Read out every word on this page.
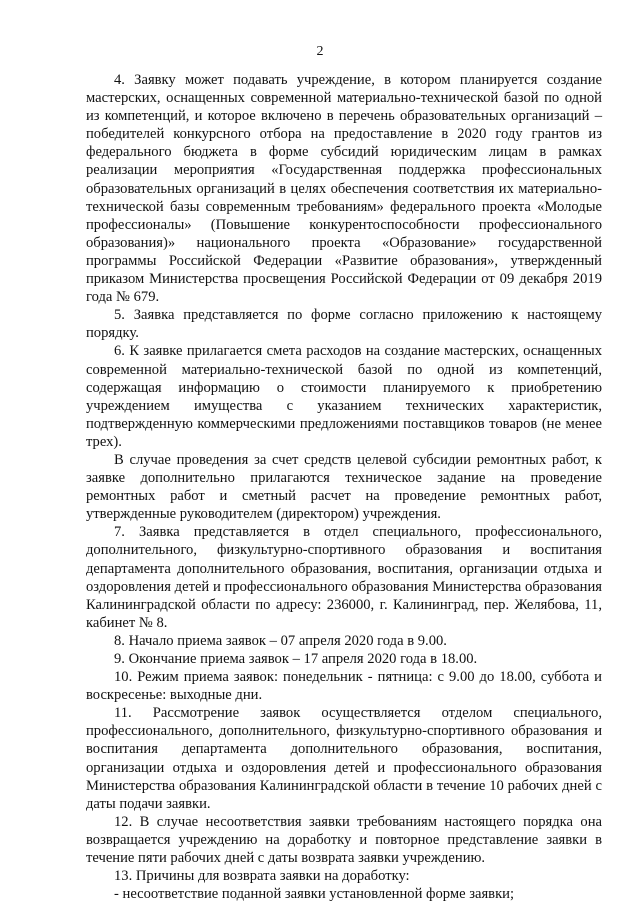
2

4. Заявку может подавать учреждение, в котором планируется создание мастерских, оснащенных современной материально-технической базой по одной из компетенций, и которое включено в перечень образовательных организаций – победителей конкурсного отбора на предоставление в 2020 году грантов из федерального бюджета в форме субсидий юридическим лицам в рамках реализации мероприятия «Государственная поддержка профессиональных образовательных организаций в целях обеспечения соответствия их материально-технической базы современным требованиям» федерального проекта «Молодые профессионалы» (Повышение конкурентоспособности профессионального образования)» национального проекта «Образование» государственной программы Российской Федерации «Развитие образования», утвержденный приказом Министерства просвещения Российской Федерации от 09 декабря 2019 года № 679.

5. Заявка представляется по форме согласно приложению к настоящему порядку.

6. К заявке прилагается смета расходов на создание мастерских, оснащенных современной материально-технической базой по одной из компетенций, содержащая информацию о стоимости планируемого к приобретению учреждением имущества с указанием технических характеристик, подтвержденную коммерческими предложениями поставщиков товаров (не менее трех).

В случае проведения за счет средств целевой субсидии ремонтных работ, к заявке дополнительно прилагаются техническое задание на проведение ремонтных работ и сметный расчет на проведение ремонтных работ, утвержденные руководителем (директором) учреждения.

7. Заявка представляется в отдел специального, профессионального, дополнительного, физкультурно-спортивного образования и воспитания департамента дополнительного образования, воспитания, организации отдыха и оздоровления детей и профессионального образования Министерства образования Калининградской области по адресу: 236000, г. Калининград, пер. Желябова, 11, кабинет № 8.

8. Начало приема заявок – 07 апреля 2020 года в 9.00.

9. Окончание приема заявок – 17 апреля 2020 года в 18.00.

10. Режим приема заявок: понедельник - пятница: с 9.00 до 18.00, суббота и воскресенье: выходные дни.

11. Рассмотрение заявок осуществляется отделом специального, профессионального, дополнительного, физкультурно-спортивного образования и воспитания департамента дополнительного образования, воспитания, организации отдыха и оздоровления детей и профессионального образования Министерства образования Калининградской области в течение 10 рабочих дней с даты подачи заявки.

12. В случае несоответствия заявки требованиям настоящего порядка она возвращается учреждению на доработку и повторное представление заявки в течение пяти рабочих дней с даты возврата заявки учреждению.

13. Причины для возврата заявки на доработку:

- несоответствие поданной заявки установленной форме заявки;
